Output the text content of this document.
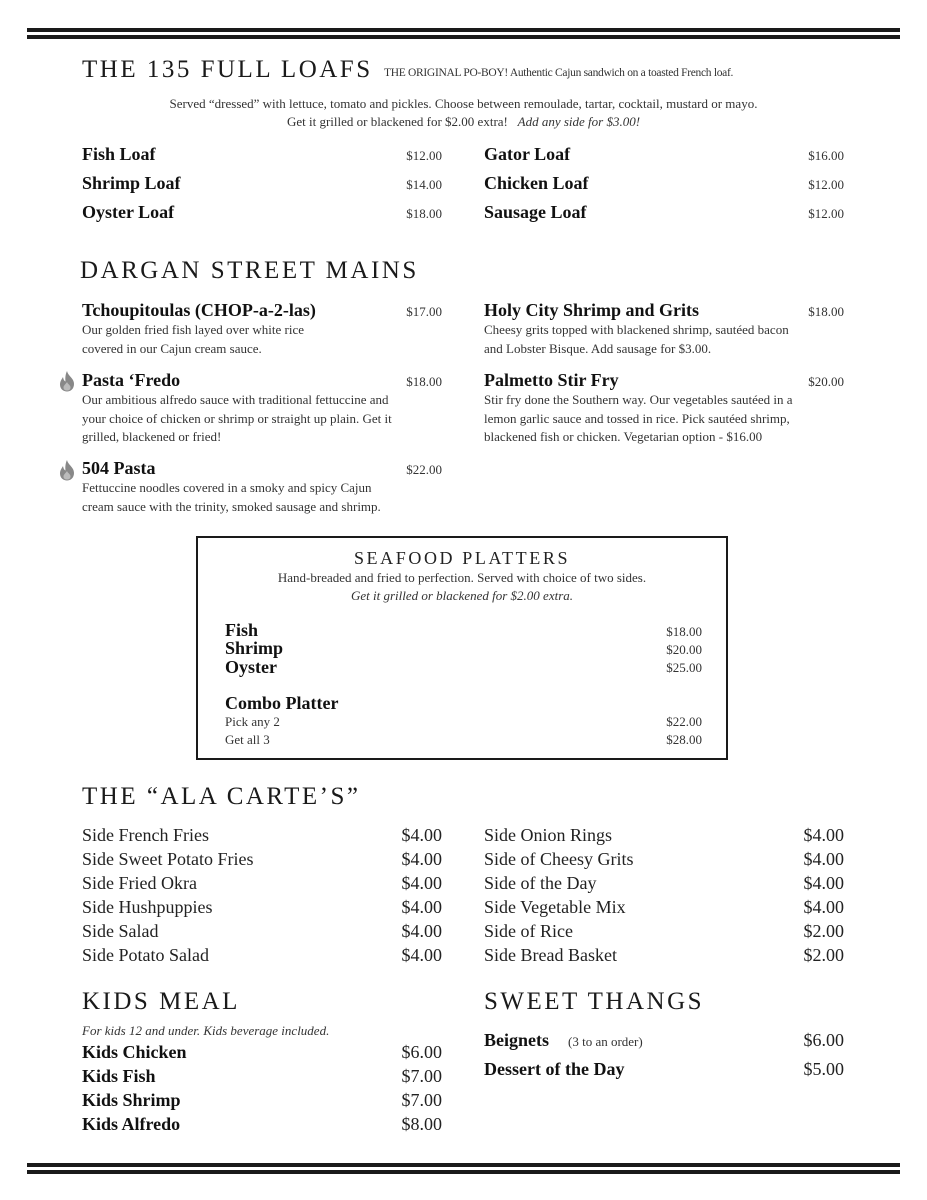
THE 135 FULL LOAFS THE ORIGINAL PO-BOY! Authentic Cajun sandwich on a toasted French loaf.
Served “dressed” with lettuce, tomato and pickles. Choose between remoulade, tartar, cocktail, mustard or mayo.
Get it grilled or blackened for $2.00 extra! Add any side for $3.00!
Fish Loaf	$12.00
Shrimp Loaf	$14.00
Oyster Loaf	$18.00
Gator Loaf	$16.00
Chicken Loaf	$12.00
Sausage Loaf	$12.00
DARGAN STREET MAINS
Tchoupitoulas (CHOP-a-2-las)	$17.00
Our golden fried fish layed over white rice
covered in our Cajun cream sauce.
Pasta ‘Fredo	$18.00
Our ambitious alfredo sauce with traditional fettuccine and
your choice of chicken or shrimp or straight up plain. Get it
grilled, blackened or fried!
504 Pasta	$22.00
Fettuccine noodles covered in a smoky and spicy Cajun
cream sauce with the trinity, smoked sausage and shrimp.
Holy City Shrimp and Grits	$18.00
Cheesy grits topped with blackened shrimp, sautéed bacon
and Lobster Bisque. Add sausage for $3.00.
Palmetto Stir Fry	$20.00
Stir fry done the Southern way. Our vegetables sautéed in a
lemon garlic sauce and tossed in rice. Pick sautéed shrimp,
blackened fish or chicken. Vegetarian option - $16.00
SEAFOOD PLATTERS
Hand-breaded and fried to perfection. Served with choice of two sides.
Get it grilled or blackened for $2.00 extra.
Fish	$18.00
Shrimp	$20.00
Oyster	$25.00
Combo Platter
Pick any 2	$22.00
Get all 3	$28.00
THE “ALA CARTE’S”
Side French Fries	$4.00
Side Sweet Potato Fries	$4.00
Side Fried Okra	$4.00
Side Hushpuppies	$4.00
Side Salad	$4.00
Side Potato Salad	$4.00
Side Onion Rings	$4.00
Side of Cheesy Grits	$4.00
Side of the Day	$4.00
Side Vegetable Mix	$4.00
Side of Rice	$2.00
Side Bread Basket	$2.00
KIDS MEAL
For kids 12 and under. Kids beverage included.
Kids Chicken	$6.00
Kids Fish	$7.00
Kids Shrimp	$7.00
Kids Alfredo	$8.00
SWEET THANGS
Beignets (3 to an order)	$6.00
Dessert of the Day	$5.00
